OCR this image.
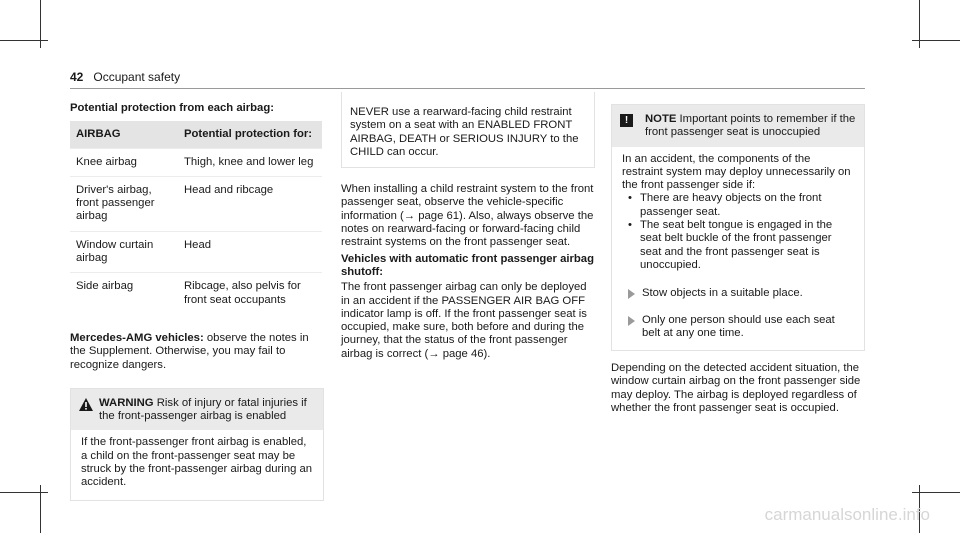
42 Occupant safety
Potential protection from each airbag:
AIRBAG	Potential protection for:
Knee airbag	Thigh, knee and lower leg
Driver's airbag, front passenger airbag	Head and ribcage
Window curtain airbag	Head
Side airbag	Ribcage, also pelvis for front seat occupants

Mercedes-AMG vehicles: observe the notes in the Supplement. Otherwise, you may fail to recognize dangers.

WARNING Risk of injury or fatal injuries if the front-passenger airbag is enabled
If the front-passenger front airbag is enabled, a child on the front-passenger seat may be struck by the front-passenger airbag during an accident.

NEVER use a rearward-facing child restraint system on a seat with an ENABLED FRONT AIRBAG, DEATH or SERIOUS INJURY to the CHILD can occur.

When installing a child restraint system to the front passenger seat, observe the vehicle-specific information (→ page 61). Also, always observe the notes on rearward-facing or forward-facing child restraint systems on the front passenger seat.

Vehicles with automatic front passenger airbag shutoff:

The front passenger airbag can only be deployed in an accident if the PASSENGER AIR BAG OFF indicator lamp is off. If the front passenger seat is occupied, make sure, both before and during the journey, that the status of the front passenger airbag is correct (→ page 46).

!	NOTE Important points to remember if the front passenger seat is unoccupied

In an accident, the components of the restraint system may deploy unnecessarily on the front passenger side if:

• There are heavy objects on the front passenger seat.
• The seat belt tongue is engaged in the seat belt buckle of the front passenger seat and the front passenger seat is unoccupied.
Stow objects in a suitable place.
Only one person should use each seat belt at any one time.

Depending on the detected accident situation, the window curtain airbag on the front passenger side may deploy. The airbag is deployed regardless of whether the front passenger seat is occupied.

carmanualsonline.info
